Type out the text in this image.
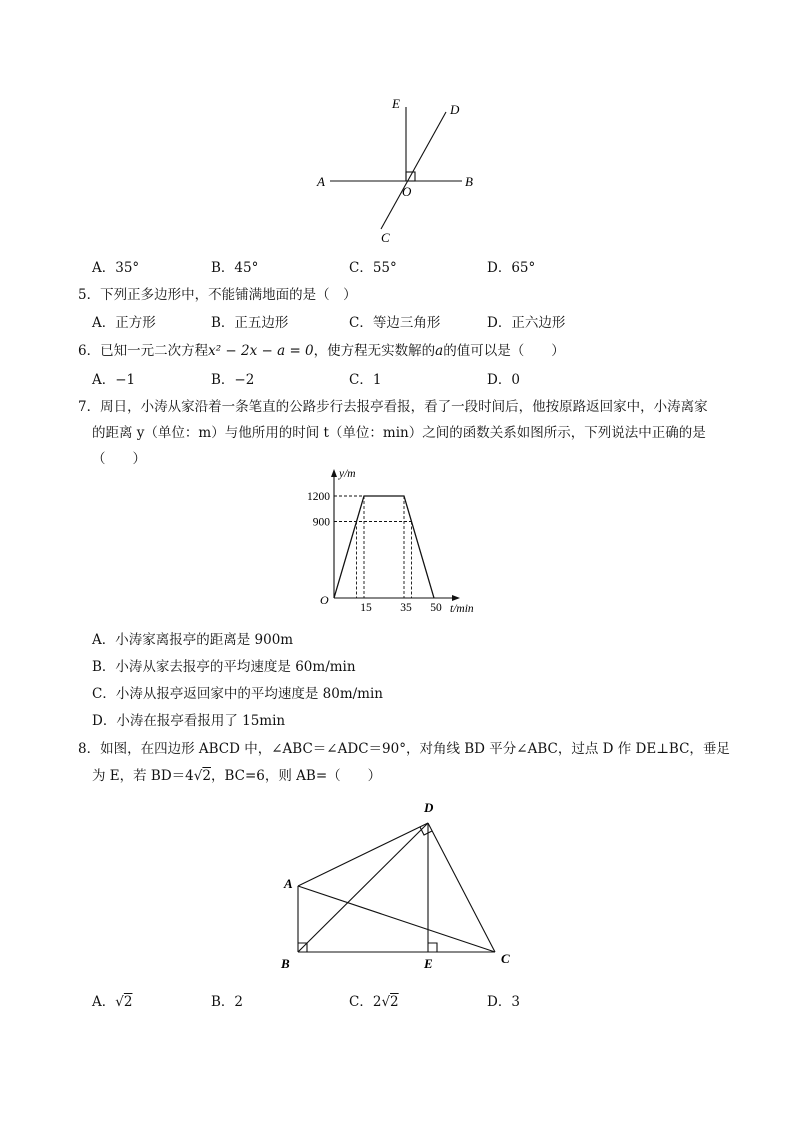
E	D
A
O
B
C
A．35°	B．45°	C．55°	D．65°
5．下列正多边形中，不能铺满地面的是（　）
A．正方形	B．正五边形	C．等边三角形	D．正六边形
6．已知一元二次方程x² − 2x − a = 0，使方程无实数解的a的值可以是（　　）
A．−1	B．−2	C．1	D．0
7．周日，小涛从家沿着一条笔直的公路步行去报亭看报，看了一段时间后，他按原路返回家中，小涛离家
的距离 y（单位：m）与他所用的时间 t（单位：min）之间的函数关系如图所示，下列说法中正确的是
（　　）
1200
900
15 35 50
O
y/m
t/min
A．小涛家离报亭的距离是 900m
B．小涛从家去报亭的平均速度是 60m/min
C．小涛从报亭返回家中的平均速度是 80m/min
D．小涛在报亭看报用了 15min
8．如图，在四边形 ABCD 中，∠ABC＝∠ADC＝90°，对角线 BD 平分∠ABC，过点 D 作 DE⊥BC，垂足
为 E，若 BD＝4√2，BC=6，则 AB=（　　）
D
A
B	E	C
A．√2	B．2	C．2√2	D．3
